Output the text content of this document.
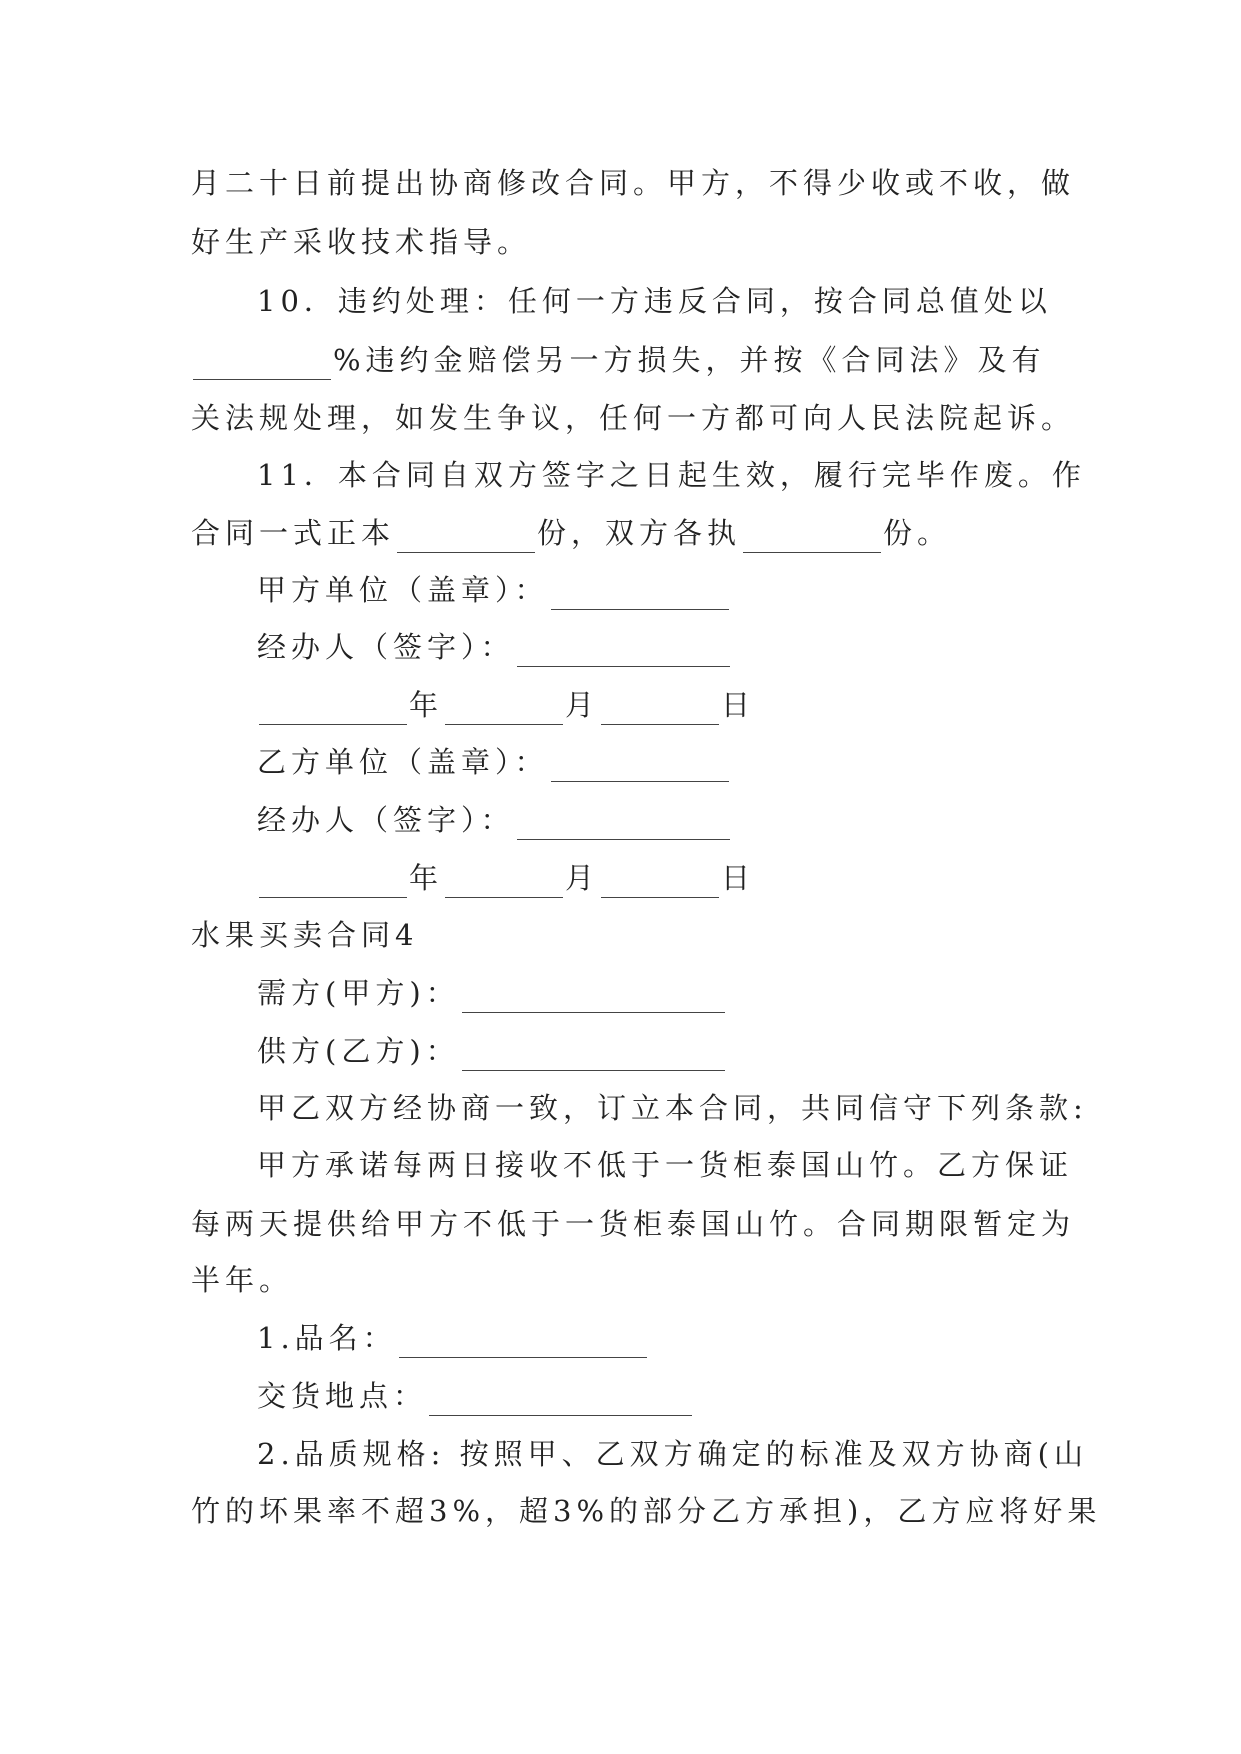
月二十日前提出协商修改合同。甲方，不得少收或不收，做
好生产采收技术指导。
10．违约处理：任何一方违反合同，按合同总值处以
%违约金赔偿另一方损失，并按《合同法》及有
关法规处理，如发生争议，任何一方都可向人民法院起诉。
11．本合同自双方签字之日起生效，履行完毕作废。作
合同一式正本	份，双方各执	份。
甲方单位（盖章）：
经办人（签字）：
年	月	日
乙方单位（盖章）：
经办人（签字）：
年	月	日
水果买卖合同4
需方(甲方)：
供方(乙方)：
甲乙双方经协商一致，订立本合同，共同信守下列条款:
甲方承诺每两日接收不低于一货柜泰国山竹。乙方保证
每两天提供给甲方不低于一货柜泰国山竹。合同期限暂定为
半年。
1.品名：
交货地点：
2.品质规格: 按照甲、乙双方确定的标准及双方协商(山
竹的坏果率不超3%，超3%的部分乙方承担)，乙方应将好果
